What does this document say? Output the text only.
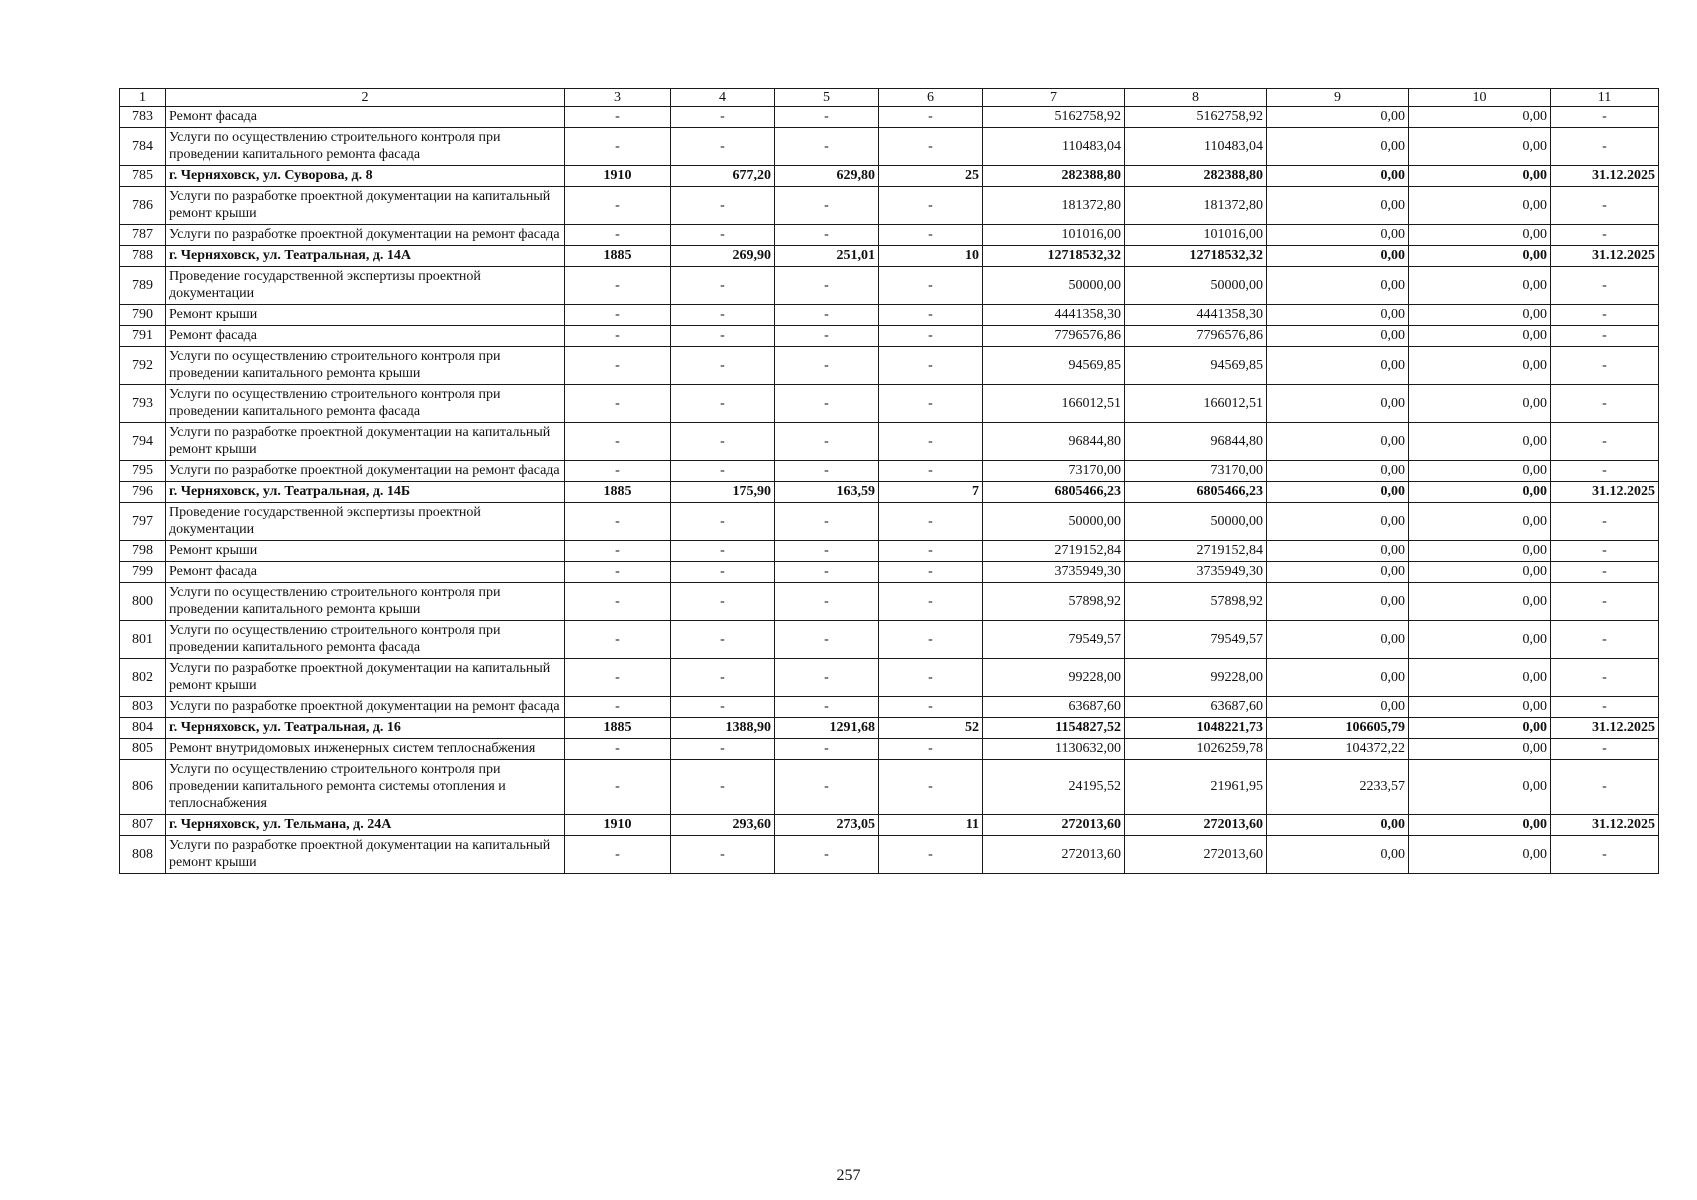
1	2	3	4	5	6	7	8	9	10	11
783	Ремонт фасада	-	-	-	-	5162758,92	5162758,92	0,00	0,00	-
784	Услуги по осуществлению строительного контроля при проведении капитального ремонта фасада	-	-	-	-	110483,04	110483,04	0,00	0,00	-
785	г. Черняховск, ул. Суворова, д. 8	1910	677,20	629,80	25	282388,80	282388,80	0,00	0,00	31.12.2025
786	Услуги по разработке проектной документации на капитальный ремонт крыши	-	-	-	-	181372,80	181372,80	0,00	0,00	-
787	Услуги по разработке проектной документации на ремонт фасада	-	-	-	-	101016,00	101016,00	0,00	0,00	-
788	г. Черняховск, ул. Театральная, д. 14А	1885	269,90	251,01	10	12718532,32	12718532,32	0,00	0,00	31.12.2025
789	Проведение государственной экспертизы проектной документации	-	-	-	-	50000,00	50000,00	0,00	0,00	-
790	Ремонт крыши	-	-	-	-	4441358,30	4441358,30	0,00	0,00	-
791	Ремонт фасада	-	-	-	-	7796576,86	7796576,86	0,00	0,00	-
792	Услуги по осуществлению строительного контроля при проведении капитального ремонта крыши	-	-	-	-	94569,85	94569,85	0,00	0,00	-
793	Услуги по осуществлению строительного контроля при проведении капитального ремонта фасада	-	-	-	-	166012,51	166012,51	0,00	0,00	-
794	Услуги по разработке проектной документации на капитальный ремонт крыши	-	-	-	-	96844,80	96844,80	0,00	0,00	-
795	Услуги по разработке проектной документации на ремонт фасада	-	-	-	-	73170,00	73170,00	0,00	0,00	-
796	г. Черняховск, ул. Театральная, д. 14Б	1885	175,90	163,59	7	6805466,23	6805466,23	0,00	0,00	31.12.2025
797	Проведение государственной экспертизы проектной документации	-	-	-	-	50000,00	50000,00	0,00	0,00	-
798	Ремонт крыши	-	-	-	-	2719152,84	2719152,84	0,00	0,00	-
799	Ремонт фасада	-	-	-	-	3735949,30	3735949,30	0,00	0,00	-
800	Услуги по осуществлению строительного контроля при проведении капитального ремонта крыши	-	-	-	-	57898,92	57898,92	0,00	0,00	-
801	Услуги по осуществлению строительного контроля при проведении капитального ремонта фасада	-	-	-	-	79549,57	79549,57	0,00	0,00	-
802	Услуги по разработке проектной документации на капитальный ремонт крыши	-	-	-	-	99228,00	99228,00	0,00	0,00	-
803	Услуги по разработке проектной документации на ремонт фасада	-	-	-	-	63687,60	63687,60	0,00	0,00	-
804	г. Черняховск, ул. Театральная, д. 16	1885	1388,90	1291,68	52	1154827,52	1048221,73	106605,79	0,00	31.12.2025
805	Ремонт внутридомовых инженерных систем теплоснабжения	-	-	-	-	1130632,00	1026259,78	104372,22	0,00	-
806	Услуги по осуществлению строительного контроля при проведении капитального ремонта системы отопления и теплоснабжения	-	-	-	-	24195,52	21961,95	2233,57	0,00	-
807	г. Черняховск, ул. Тельмана, д. 24А	1910	293,60	273,05	11	272013,60	272013,60	0,00	0,00	31.12.2025
808	Услуги по разработке проектной документации на капитальный ремонт крыши	-	-	-	-	272013,60	272013,60	0,00	0,00	-
257
